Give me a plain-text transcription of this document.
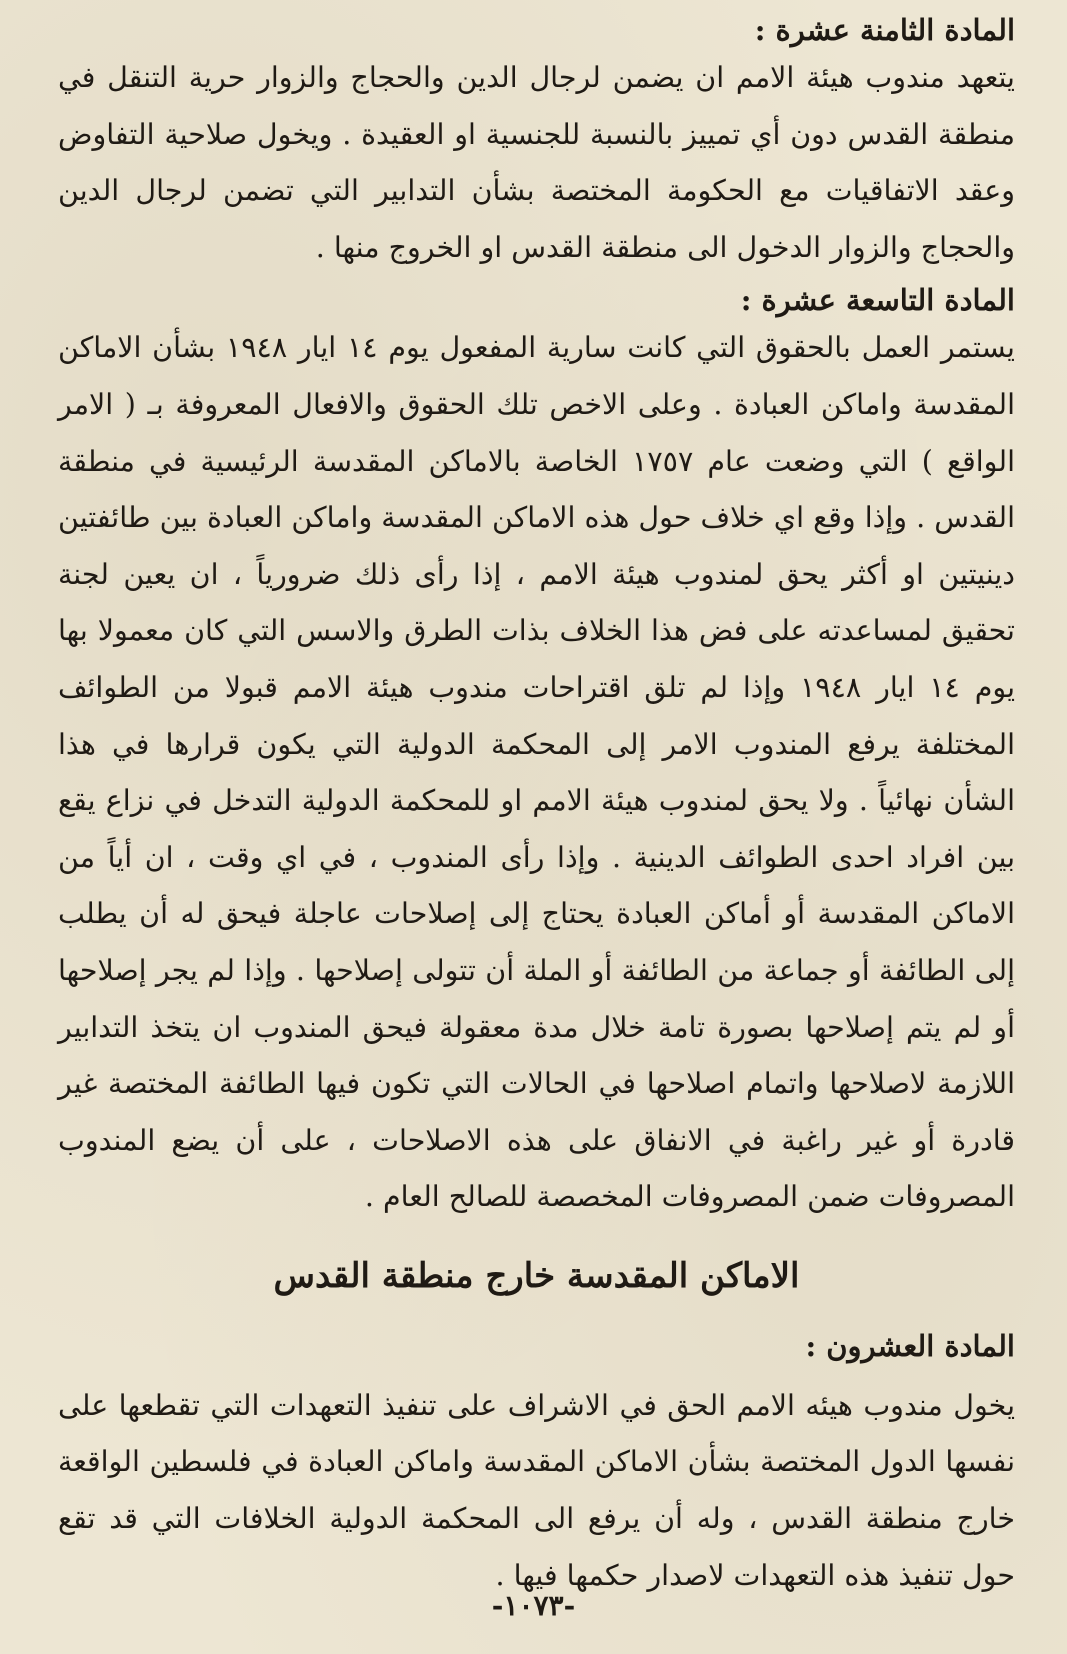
المادة الثامنة عشرة :

يتعهد مندوب هيئة الامم ان يضمن لرجال الدين والحجاج والزوار حرية التنقل في منطقة القدس دون أي تمييز بالنسبة للجنسية او العقيدة . ويخول صلاحية التفاوض وعقد الاتفاقيات مع الحكومة المختصة بشأن التدابير التي تضمن لرجال الدين والحجاج والزوار الدخول الى منطقة القدس او الخروج منها .

المادة التاسعة عشرة :

يستمر العمل بالحقوق التي كانت سارية المفعول يوم ١٤ ايار ١٩٤٨ بشأن الاماكن المقدسة واماكن العبادة . وعلى الاخص تلك الحقوق والافعال المعروفة بـ ( الامر الواقع ) التي وضعت عام ١٧٥٧ الخاصة بالاماكن المقدسة الرئيسية في منطقة القدس . وإذا وقع اي خلاف حول هذه الاماكن المقدسة واماكن العبادة بين طائفتين دينيتين او أكثر يحق لمندوب هيئة الامم ، إذا رأى ذلك ضرورياً ، ان يعين لجنة تحقيق لمساعدته على فض هذا الخلاف بذات الطرق والاسس التي كان معمولا بها يوم ١٤ ايار ١٩٤٨ وإذا لم تلق اقتراحات مندوب هيئة الامم قبولا من الطوائف المختلفة يرفع المندوب الامر إلى المحكمة الدولية التي يكون قرارها في هذا الشأن نهائياً . ولا يحق لمندوب هيئة الامم او للمحكمة الدولية التدخل في نزاع يقع بين افراد احدى الطوائف الدينية . وإذا رأى المندوب ، في اي وقت ، ان أياً من الاماكن المقدسة أو أماكن العبادة يحتاج إلى إصلاحات عاجلة فيحق له أن يطلب إلى الطائفة أو جماعة من الطائفة أو الملة أن تتولى إصلاحها . وإذا لم يجر إصلاحها أو لم يتم إصلاحها بصورة تامة خلال مدة معقولة فيحق المندوب ان يتخذ التدابير اللازمة لاصلاحها واتمام اصلاحها في الحالات التي تكون فيها الطائفة المختصة غير قادرة أو غير راغبة في الانفاق على هذه الاصلاحات ، على أن يضع المندوب المصروفات ضمن المصروفات المخصصة للصالح العام .

الاماكن المقدسة خارج منطقة القدس
المادة العشرون :

يخول مندوب هيئه الامم الحق في الاشراف على تنفيذ التعهدات التي تقطعها على نفسها الدول المختصة بشأن الاماكن المقدسة واماكن العبادة في فلسطين الواقعة خارج منطقة القدس ، وله أن يرفع الى المحكمة الدولية الخلافات التي قد تقع حول تنفيذ هذه التعهدات لاصدار حكمها فيها .

-١٠٧٣-
